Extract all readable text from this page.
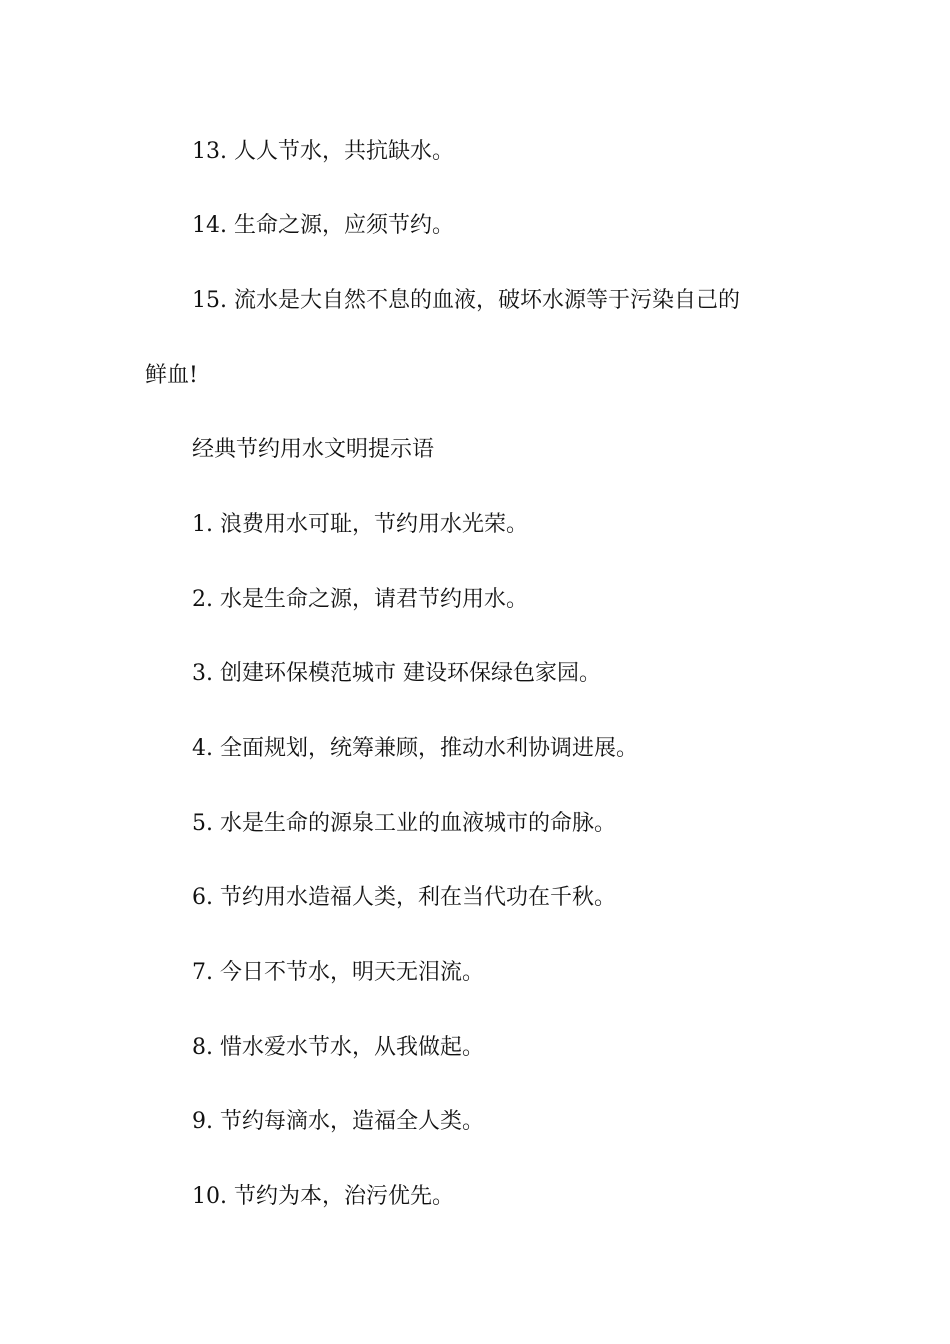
13. 人人节水，共抗缺水。

14. 生命之源，应须节约。

15. 流水是大自然不息的血液，破坏水源等于污染自己的

鲜血!

经典节约用水文明提示语

1. 浪费用水可耻，节约用水光荣。

2. 水是生命之源，请君节约用水。

3. 创建环保模范城市 建设环保绿色家园。

4. 全面规划，统筹兼顾，推动水利协调进展。

5. 水是生命的源泉工业的血液城市的命脉。

6. 节约用水造福人类，利在当代功在千秋。

7. 今日不节水，明天无泪流。

8. 惜水爱水节水，从我做起。

9. 节约每滴水，造福全人类。

10. 节约为本，治污优先。
